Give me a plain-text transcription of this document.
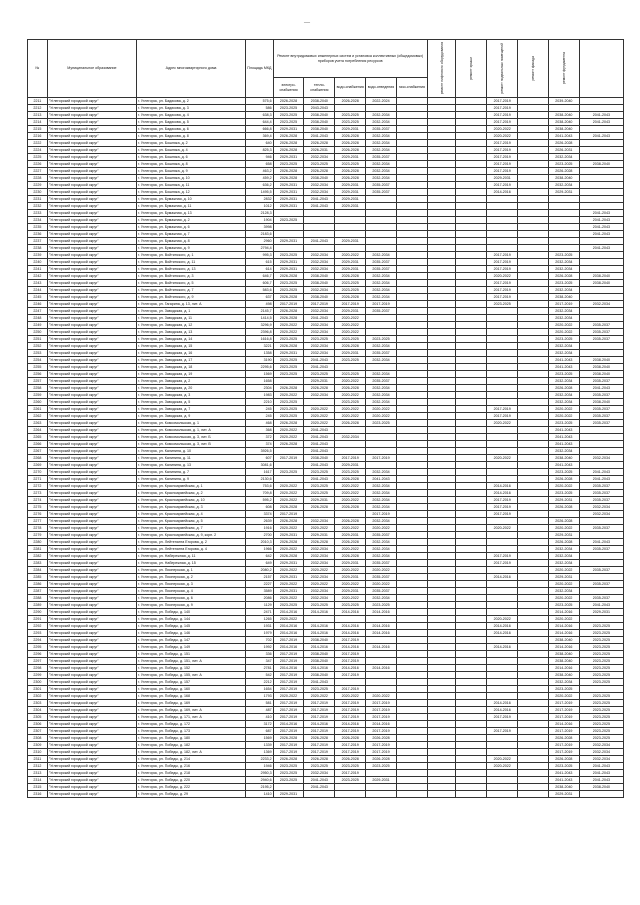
—
№	Муниципальное образование	Адрес многоквартирного дома	Площадь МКД	Ремонт внутридомовых инженерных систем и установка коллективных (общедомовых) приборов учета потребления ресурсов					ремонт лифтового оборудования	ремонт крыши	ремонт подвальных помещений	ремонт фасада	ремонт фундамента	
				электро-снабжения	тепло-снабжения	водо-снабжения	водо-отведения	газо-снабжения						
2211	"Углегорский городской округ"	г. Углегорск, ул. Бадикова, д. 2	575,6	2026-2028	2038-2040	2026-2028	2022-2024				2017-2019		2039-2040	
2212	"Углегорский городской округ"	г. Углегорск, ул. Бадикова, д. 3	586	2023-2025	2043-2043						2017-2019			
2213	"Углегорский городской округ"	г. Углегорск, ул. Бадикова, д. 4	638,3	2023-2025	2038-2040	2023-2025	2032-2034				2017-2019		2038-2040	2041-2043
2214	"Углегорский городской округ"	г. Углегорск, ул. Бадикова, д. 5	644,4	2023-2025	2038-2040	2023-2025	2032-2034				2017-2019		2038-2040	2041-2043
2215	"Углегорский городской округ"	г. Углегорск, ул. Бадикова, д. 6	666,8	2029-2031	2038-2040	2029-2031	2035-2037				2020-2022		2038-2040	
2216	"Углегорский городской округ"	г. Углегорск, ул. Бадикова, д. 8	369,4	2026-2028	2041-2043	2026-2028	2032-2034				2020-2022		2041-2043	2041-2043
2222	"Углегорский городской округ"	г. Углегорск, ул. Бошняка, д. 2	640	2026-2028	2026-2028	2026-2028	2032-2034				2017-2019		2026-2028	
2224	"Углегорский городской округ"	г. Углегорск, ул. Бошняка, д. 4	825,3	2026-2028	2026-2031	2026-2028	2032-2034				2017-2019		2026-2031	
2225	"Углегорский городской округ"	г. Углегорск, ул. Бошняка, д. 6	946	2029-2031	2032-2034	2029-2031	2035-2037				2017-2019		2032-2034	
2226	"Углегорский городской округ"	г. Углегорск, ул. Бошняка, д. 8	658	2023-2025	2023-2025	2023-2025	2032-2034				2017-2019		2023-2025	2038-2040
2227	"Углегорский городской округ"	г. Углегорск, ул. Бошняка, д. 9	463,2	2026-2028	2026-2028	2026-2028	2032-2034				2017-2019		2026-2028	
2228	"Углегорский городской округ"	г. Углегорск, ул. Бошняка, д. 10	459,2	2026-2028	2038-2040	2026-2028	2032-2034				2029-2031		2038-2040	
2229	"Углегорский городской округ"	г. Углегорск, ул. Бошняка, д. 11	636,2	2029-2031	2032-2034	2029-2031	2035-2037				2017-2019		2032-2034	
2230	"Углегорский городской округ"	г. Углегорск, ул. Бошняка, д. 12	1495,5	2029-2031	2032-2034	2029-2031	2035-2037				2014-2016		2029-2031	
2231	"Углегорский городской округ"	г. Углегорск, ул. Бумажная, д. 10	2832	2029-2031	2041-2043	2029-2031								
2232	"Углегорский городской округ"	г. Углегорск, ул. Бумажная, д. 11	1012	2029-2031	2041-2043	2029-2031								
2233	"Углегорский городской округ"	г. Углегорск, ул. Бумажная, д. 13	2128,3											2041-2043
2234	"Углегорский городской округ"	г. Углегорск, ул. Бумажная, д. 2	1904	2023-2025										2041-2043
2235	"Углегорский городской округ"	г. Углегорск, ул. Бумажная, д. 6	3998											2041-2043
2236	"Углегорский городской округ"	г. Углегорск, ул. Бумажная, д. 7	2183,6											2041-2043
2237	"Углегорский городской округ"	г. Углегорск, ул. Бумажная, д. 8	2960	2029-2031	2041-2043	2029-2031								
2238	"Углегорский городской округ"	г. Углегорск, ул. Бумажная, д. 9	2794,4											2041-2043
2239	"Углегорский городской округ"	г. Углегорск, ул. Войтинского, д. 1	995,3	2023-2025	2032-2034	2020-2022	2032-2034				2017-2019		2023-2025	
2240	"Углегорский городской округ"	г. Углегорск, ул. Войтинского, д. 11	615	2029-2031	2032-2034	2029-2031	2035-2037				2017-2019		2032-2034	
2241	"Углегорский городской округ"	г. Углегорск, ул. Войтинского, д. 13	614	2029-2031	2032-2034	2029-2031	2035-2037				2017-2019		2032-2034	
2242	"Углегорский городской округ"	г. Углегорск, ул. Войтинского, д. 3	646,7	2026-2028	2038-2040	2026-2028	2032-2034				2020-2022		2026-2028	2038-2040
2243	"Углегорский городской округ"	г. Углегорск, ул. Войтинского, д. 5	606,7	2023-2025	2038-2040	2023-2025	2032-2034				2017-2019		2023-2025	2038-2040
2244	"Углегорский городской округ"	г. Углегорск, ул. Войтинского, д. 7	583,6	2023-2025	2032-2034	2023-2025	2032-2034				2017-2019		2032-2034	
2245	"Углегорский городской округ"	г. Углегорск, ул. Войтинского, д. 9	637	2026-2028	2038-2040	2026-2028	2032-2034				2017-2019		2038-2040	
2246	"Углегорский городской округ"	г. Углегорск, ул. Гагарина, д. 13, лит. А	498	2017-2019	2017-2019	2017-2019	2017-2019				2023-2025		2017-2019	2032-2034
2247	"Углегорский городской округ"	г. Углегорск, ул. Заводская, д. 1	2145,7	2026-2028	2032-2034	2029-2031	2035-2037						2032-2034	
2248	"Углегорский городской округ"	г. Углегорск, ул. Заводская, д. 11	1414,5	2026-2028	2041-2043	2020-2022							2032-2034	
2249	"Углегорский городской округ"	г. Углегорск, ул. Заводская, д. 12	3296,9	2020-2022	2032-2034	2020-2022							2020-2022	2035-2037
2250	"Углегорский городской округ"	г. Углегорск, ул. Заводская, д. 13	2396,8	2020-2022	2032-2034	2020-2022							2020-2022	2035-2037
2251	"Углегорский городской округ"	г. Углегорск, ул. Заводская, д. 14	1616,8	2023-2025	2023-2025	2023-2025	2023-2025						2023-2025	2035-2037
2252	"Углегорский городской округ"	г. Углегорск, ул. Заводская, д. 15	3221	2026-2028	2032-2034	2026-2028	2032-2034						2032-2034	
2253	"Углегорский городской округ"	г. Углегорск, ул. Заводская, д. 16	1358	2029-2031	2032-2034	2029-2031	2035-2037						2032-2034	
2254	"Углегорский городской округ"	г. Углегорск, ул. Заводская, д. 17	3190	2023-2025	2041-2043	2023-2025	2032-2034						2041-2043	2038-2040
2255	"Углегорский городской округ"	г. Углегорск, ул. Заводская, д. 18	2295,6	2023-2025	2041-2043								2041-2043	2038-2040
2256	"Углегорский городской округ"	г. Углегорск, ул. Заводская, д. 19	1569	2023-2025	2023-2025	2023-2025	2032-2034						2023-2025	2038-2040
2257	"Углегорский городской округ"	г. Углегорск, ул. Заводская, д. 2	1658		2029-2031	2020-2022	2035-2037						2032-2034	2035-2037
2258	"Углегорский городской округ"	г. Углегорск, ул. Заводская, д. 20	2304	2026-2028	2026-2028	2026-2028	2032-2034						2026-2028	2041-2043
2259	"Углегорский городской округ"	г. Углегорск, ул. Заводская, д. 3	1983	2020-2022	2032-2034	2020-2022	2032-2034						2032-2034	2035-2037
2260	"Углегорский городской округ"	г. Углегорск, ул. Заводская, д. 5	2210	2023-2025		2023-2025	2032-2034						2032-2034	2038-2040
2261	"Углегорский городской округ"	г. Углегорск, ул. Заводская, д. 7	245	2023-2025	2020-2022	2020-2022	2020-2022				2017-2019		2020-2022	2035-2037
2262	"Углегорский городской округ"	г. Углегорск, ул. Заводская, д. 9	245	2023-2025	2020-2022	2020-2022	2020-2022				2017-2019		2020-2022	2035-2037
2263	"Углегорский городской округ"	г. Углегорск, ул. Комсомольская, д. 1	468	2026-2028	2020-2022	2026-2028	2023-2025				2020-2022		2023-2025	2035-2037
2264	"Углегорский городской округ"	г. Углегорск, ул. Комсомольская, д. 1, лит. А	368	2020-2022	2041-2043								2041-2043	
2265	"Углегорский городской округ"	г. Углегорск, ул. Комсомольская, д. 3, лит. Б	372	2020-2022	2041-2043	2032-2034							2041-2043	
2266	"Углегорский городской округ"	г. Углегорск, ул. Комсомольская, д. 3, лит. В	374	2026-2028	2041-2043								2041-2043	
2267	"Углегорский городской округ"	г. Углегорск, ул. Калинина, д. 10	3926,5		2041-2043								2032-2034	
2268	"Углегорский городской округ"	г. Углегорск, ул. Калинина, д. 11	607	2017-2019	2038-2040	2017-2019	2017-2019				2020-2022		2038-2040	2032-2034
2269	"Углегорский городской округ"	г. Углегорск, ул. Калинина, д. 13	3081,6		2041-2043	2029-2031							2041-2043	
2270	"Углегорский городской округ"	г. Углегорск, ул. Калинина, д. 7	1617	2023-2025	2023-2025	2023-2025	2032-2034						2023-2025	2041-2043
2271	"Углегорский городской округ"	г. Углегорск, ул. Калинина, д. 9	2130,6		2041-2043	2026-2028	2041-2043						2026-2028	2041-2043
2272	"Углегорский городской округ"	г. Углегорск, ул. Красноармейская, д. 1	753,6	2020-2022	2023-2025	2020-2022	2032-2034				2014-2016		2020-2022	2035-2037
2273	"Углегорский городской округ"	г. Углегорск, ул. Красноармейская, д. 2	709,8	2020-2022	2023-2025	2020-2022	2032-2034				2014-2016		2023-2025	2035-2037
2274	"Углегорский городской округ"	г. Углегорск, ул. Красноармейская, д. 10	595,2	2020-2022	2029-2031	2020-2022	2032-2034				2017-2019		2029-2031	2035-2037
2275	"Углегорский городской округ"	г. Углегорск, ул. Красноармейская, д. 3	608	2026-2028	2026-2028	2026-2028	2032-2034				2017-2019		2026-2028	2032-2034
2276	"Углегорский городской округ"	г. Углегорск, ул. Красноармейская, д. 4	3374	2017-2019			2017-2019				2017-2019			2032-2034
2277	"Углегорский городской округ"	г. Углегорск, ул. Красноармейская, д. 5	2639	2026-2028	2032-2034	2026-2028	2032-2034						2026-2028	
2278	"Углегорский городской округ"	г. Углегорск, ул. Красноармейская, д. 7	1916	2020-2022	2020-2022	2020-2022	2020-2022				2020-2022		2020-2022	2035-2037
2279	"Углегорский городской округ"	г. Углегорск, ул. Красноармейская, д. 9, корп. 2	2700	2029-2031	2029-2031	2029-2031	2035-2037						2029-2031	
2280	"Углегорский городской округ"	г. Углегорск, ул. Лейтенанта Егорова, д. 2	2010,3	2026-2028	2026-2028	2026-2028	2032-2034						2026-2028	2041-2043
2281	"Углегорский городской округ"	г. Углегорск, ул. Лейтенанта Егорова, д. 4	1966	2020-2022	2032-2034	2020-2022	2032-2034						2032-2034	2035-2037
2282	"Углегорский городской округ"	г. Углегорск, ул. Набережная, д. 11	642	2026-2028	2032-2034	2026-2028	2032-2034				2017-2019		2032-2034	
2283	"Углегорский городской округ"	г. Углегорск, ул. Набережная, д. 15	649	2029-2031	2032-2034	2029-2031	2035-2037				2017-2019		2032-2034	
2284	"Углегорский городской округ"	г. Углегорск, ул. Пионерская, д. 1	2080,2	2020-2022	2020-2022	2020-2022	2020-2022						2020-2022	2035-2037
2285	"Углегорский городской округ"	г. Углегорск, ул. Пионерская, д. 2	2157	2029-2031	2032-2034	2029-2031	2035-2037				2014-2016		2029-2031	
2286	"Углегорский городской округ"	г. Углегорск, ул. Пионерская, д. 3	2227	2020-2022	2020-2022	2020-2022	2020-2022						2020-2022	2035-2037
2287	"Углегорский городской округ"	г. Углегорск, ул. Пионерская, д. 4	3589	2029-2031	2032-2034	2029-2031	2035-2037						2032-2034	
2288	"Углегорский городской округ"	г. Углегорск, ул. Пионерская, д. 6	2086	2020-2022	2032-2034	2020-2022	2032-2034						2020-2022	2035-2037
2289	"Углегорский городской округ"	г. Углегорск, ул. Пионерская, д. 9	1129	2023-2025	2023-2025	2023-2025	2023-2025						2023-2025	2041-2043
2290	"Углегорский городской округ"	г. Углегорск, ул. Победы, д. 140	2471	2014-2016	2014-2016	2014-2016	2014-2016						2014-2016	2029-2031
2291	"Углегорский городской округ"	г. Углегорск, ул. Победы, д. 144	1265	2020-2022							2020-2022		2020-2022	
2292	"Углегорский городской округ"	г. Углегорск, ул. Победы, д. 145	1931	2014-2016	2014-2016	2014-2016	2014-2016				2014-2016		2014-2016	2023-2025
2293	"Углегорский городской округ"	г. Углегорск, ул. Победы, д. 146	1979	2014-2016	2014-2016	2014-2016	2014-2016				2014-2016		2014-2016	2023-2025
2294	"Углегорский городской округ"	г. Углегорск, ул. Победы, д. 147	702	2017-2019	2038-2040	2017-2019							2038-2040	2023-2025
2295	"Углегорский городской округ"	г. Углегорск, ул. Победы, д. 149	1992	2014-2016	2014-2016	2014-2016	2014-2016				2014-2016		2014-2016	2023-2025
2296	"Углегорский городской округ"	г. Углегорск, ул. Победы, д. 151	336	2017-2019	2038-2040	2017-2019							2038-2040	2023-2025
2297	"Углегорский городской округ"	г. Углегорск, ул. Победы, д. 151, лит. А	347	2017-2019	2038-2040	2017-2019							2038-2040	2023-2025
2298	"Углегорский городской округ"	г. Углегорск, ул. Победы, д. 152	2781	2014-2016	2014-2016	2014-2016	2014-2016						2014-2016	2023-2025
2299	"Углегорский городской округ"	г. Углегорск, ул. Победы, д. 155, лит. А	542	2017-2019	2038-2040	2017-2019							2038-2040	2023-2025
2300	"Углегорский городской округ"	г. Углегорск, ул. Победы, д. 157	2212	2017-2019	2041-2043								2032-2034	2023-2025
2301	"Углегорский городской округ"	г. Углегорск, ул. Победы, д. 160	1654	2017-2019	2023-2025	2017-2019							2023-2025	
2302	"Углегорский городской округ"	г. Углегорск, ул. Победы, д. 168	1793	2020-2022	2020-2022	2020-2022	2020-2022						2020-2022	2023-2025
2303	"Углегорский городской округ"	г. Углегорск, ул. Победы, д. 169	581	2017-2019	2017-2019	2017-2019	2017-2019				2014-2016		2017-2019	2023-2025
2304	"Углегорский городской округ"	г. Углегорск, ул. Победы, д. 169, лит. А	487	2017-2019	2017-2019	2017-2019	2017-2019				2014-2016		2017-2019	2023-2025
2305	"Углегорский городской округ"	г. Углегорск, ул. Победы, д. 171, лит. А	410	2017-2019	2017-2019	2017-2019	2017-2019				2017-2019		2017-2019	2023-2025
2306	"Углегорский городской округ"	г. Углегорск, ул. Победы, д. 172	3172	2014-2016	2014-2016	2014-2016	2014-2016						2014-2016	2023-2025
2307	"Углегорский городской округ"	г. Углегорск, ул. Победы, д. 173	687	2017-2019	2017-2019	2017-2019	2017-2019				2017-2019		2017-2019	2023-2025
2308	"Углегорский городской округ"	г. Углегорск, ул. Победы, д. 180	1569	2026-2028	2026-2028	2026-2028	2026-2028						2026-2028	2023-2025
2309	"Углегорский городской округ"	г. Углегорск, ул. Победы, д. 182	1339	2017-2019	2017-2019	2017-2019	2017-2019						2017-2019	2032-2034
2310	"Углегорский городской округ"	г. Углегорск, ул. Победы, д. 182, лит. А	1369	2017-2019	2017-2019	2017-2019	2017-2019						2017-2019	2032-2034
2311	"Углегорский городской округ"	г. Углегорск, ул. Победы, д. 214	2233,2	2026-2028	2026-2028	2026-2028	2026-2028				2020-2022		2026-2028	2032-2034
2312	"Углегорский городской округ"	г. Углегорск, ул. Победы, д. 216	1946	2023-2025	2023-2025	2023-2025	2023-2025				2020-2022		2023-2025	2041-2043
2313	"Углегорский городской округ"	г. Углегорск, ул. Победы, д. 218	2950,3	2023-2025	2032-2034	2017-2019							2041-2043	2041-2043
2314	"Углегорский городской округ"	г. Углегорск, ул. Победы, д. 220	2940,6	2023-2025	2041-2043	2023-2025	2029-2031						2041-2043	2041-2043
2315	"Углегорский городской округ"	г. Углегорск, ул. Победы, д. 222	2195,2		2041-2043								2038-2040	2038-2040
2316	"Углегорский городской округ"	г. Углегорск, ул. Победы, д. 29	1410	2029-2031									2029-2031	
